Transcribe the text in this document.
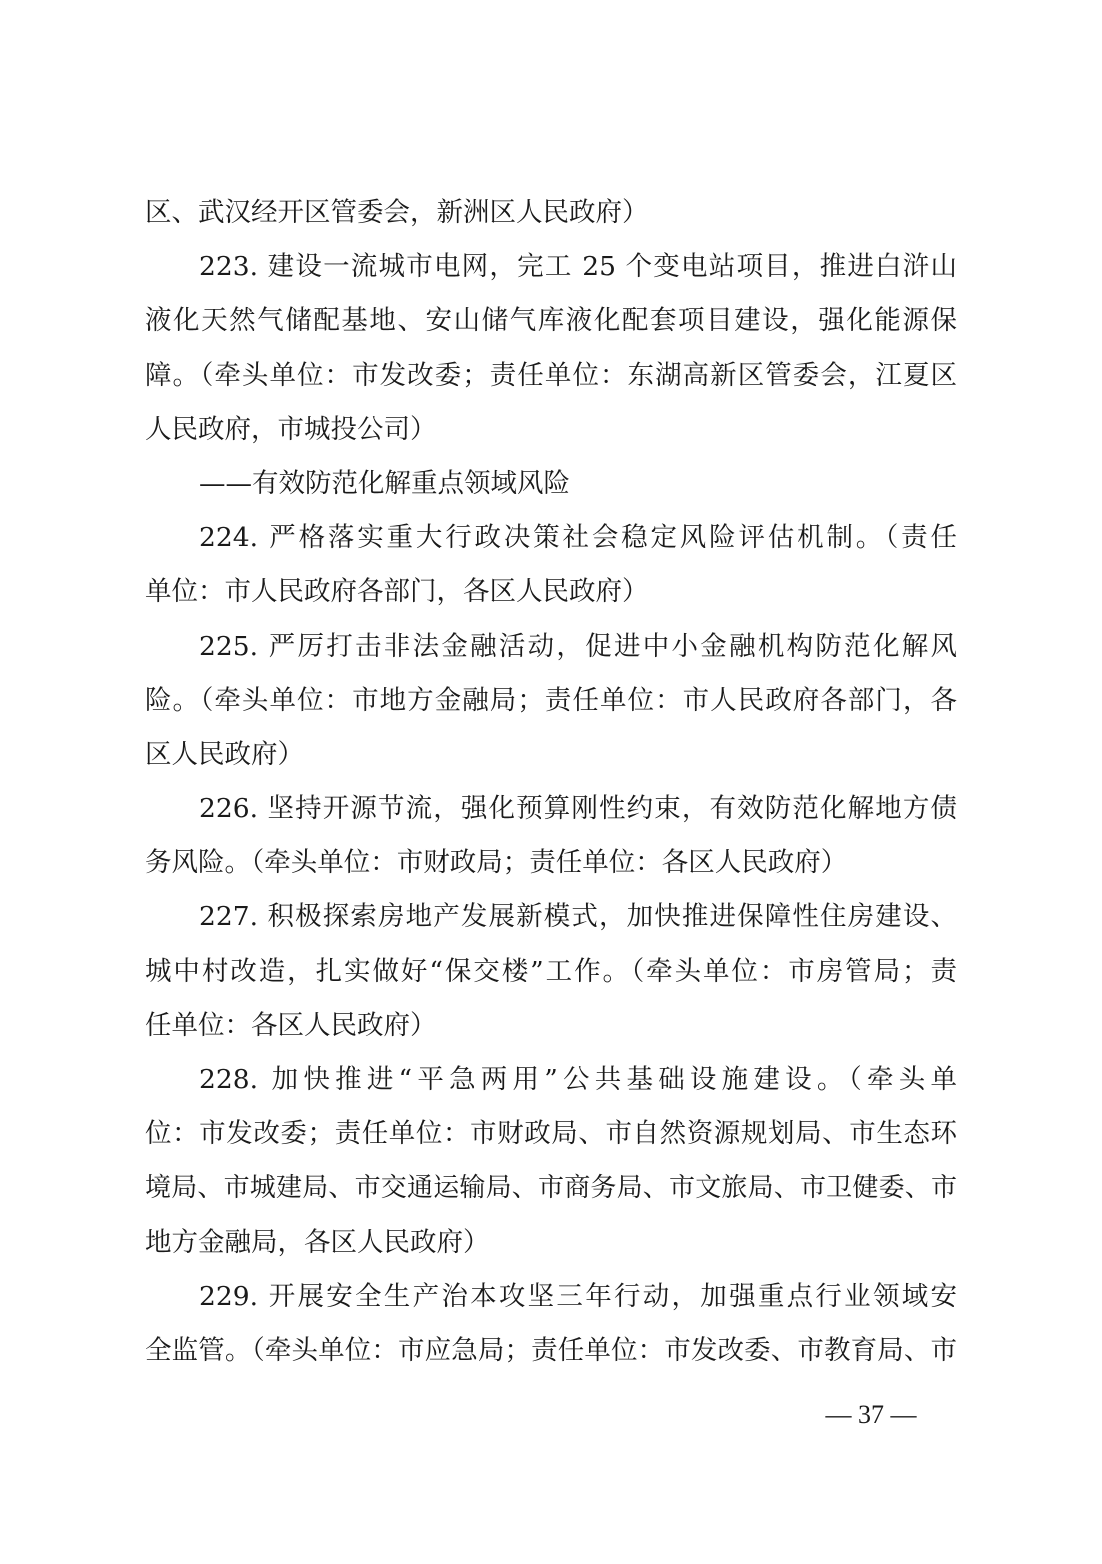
区、武汉经开区管委会，新洲区人民政府）
223. 建设一流城市电网，完工 25 个变电站项目，推进白浒山
液化天然气储配基地、安山储气库液化配套项目建设，强化能源保
障。（牵头单位：市发改委；责任单位：东湖高新区管委会，江夏区
人民政府，市城投公司）
——有效防范化解重点领域风险
224. 严格落实重大行政决策社会稳定风险评估机制。（责任
单位：市人民政府各部门，各区人民政府）
225. 严厉打击非法金融活动，促进中小金融机构防范化解风
险。（牵头单位：市地方金融局；责任单位：市人民政府各部门，各
区人民政府）
226. 坚持开源节流，强化预算刚性约束，有效防范化解地方债
务风险。（牵头单位：市财政局；责任单位：各区人民政府）
227. 积极探索房地产发展新模式，加快推进保障性住房建设、
城中村改造，扎实做好“保交楼”工作。（牵头单位：市房管局；责
任单位：各区人民政府）
228. 加快推进“平急两用”公共基础设施建设。（牵头单
位：市发改委；责任单位：市财政局、市自然资源规划局、市生态环
境局、市城建局、市交通运输局、市商务局、市文旅局、市卫健委、市
地方金融局，各区人民政府）
229. 开展安全生产治本攻坚三年行动，加强重点行业领域安
全监管。（牵头单位：市应急局；责任单位：市发改委、市教育局、市
— 37 —
